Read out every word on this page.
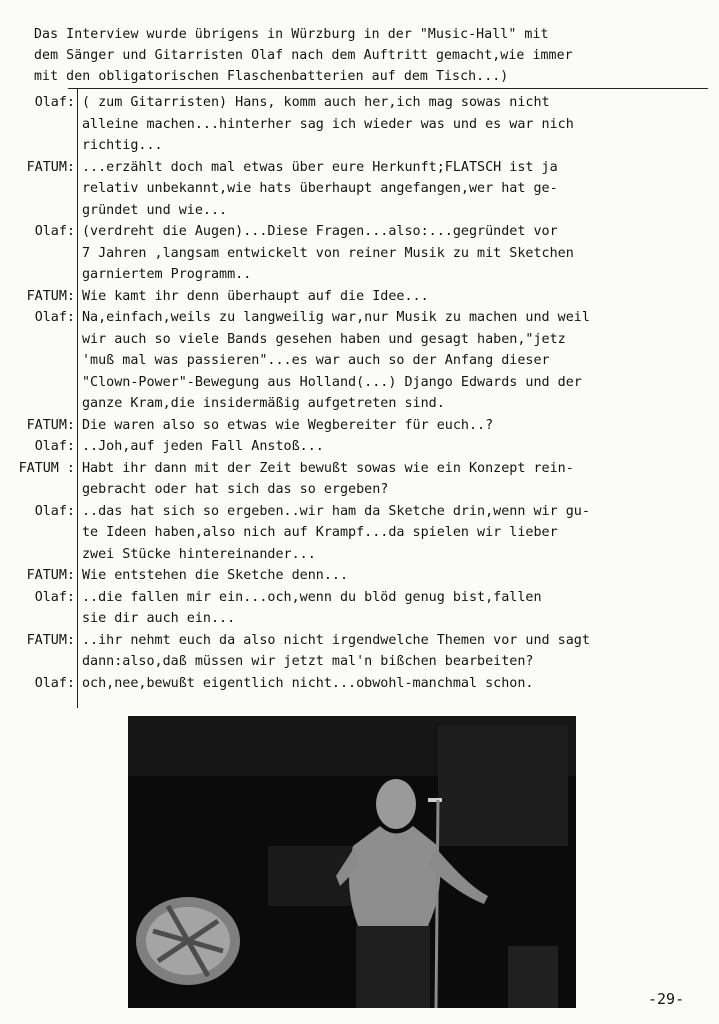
Das Interview wurde übrigens in Würzburg in der "Music-Hall" mit
dem Sänger und Gitarristen Olaf nach dem Auftritt gemacht,wie immer
mit den obligatorischen Flaschenbatterien auf dem Tisch...)
Olaf: ( zum Gitarristen) Hans, komm auch her,ich mag sowas nicht
alleine machen...hinterher sag ich wieder was und es war nich
richtig...
FATUM: ...erzählt doch mal etwas über eure Herkunft;FLATSCH ist ja
relativ unbekannt,wie hats überhaupt angefangen,wer hat ge-
gründet und wie...
Olaf: (verdreht die Augen)...Diese Fragen...also:...gegründet vor
7 Jahren ,langsam entwickelt von reiner Musik zu mit Sketchen
garniertem Programm..
FATUM: Wie kamt ihr denn überhaupt auf die Idee...
Olaf: Na,einfach,weils zu langweilig war,nur Musik zu machen und weil
wir auch so viele Bands gesehen haben und gesagt haben,"jetz
'muß mal was passieren"...es war auch so der Anfang dieser
"Clown-Power"-Bewegung aus Holland(...) Django Edwards und der
ganze Kram,die insidermäßig aufgetreten sind.
FATUM: Die waren also so etwas wie Wegbereiter für euch..?
Olaf: ..Joh,auf jeden Fall Anstoß...
FATUM : Habt ihr dann mit der Zeit bewußt sowas wie ein Konzept rein-
gebracht oder hat sich das so ergeben?
Olaf: ..das hat sich so ergeben..wir ham da Sketche drin,wenn wir gu-
te Ideen haben,also nich auf Krampf...da spielen wir lieber
zwei Stücke hintereinander...
FATUM: Wie entstehen die Sketche denn...
Olaf: ..die fallen mir ein...och,wenn du blöd genug bist,fallen
sie dir auch ein...
FATUM: ..ihr nehmt euch da also nicht irgendwelche Themen vor und sagt
dann:also,daß müssen wir jetzt mal'n bißchen bearbeiten?
Olaf: och,nee,bewußt eigentlich nicht...obwohl-manchmal schon.
-29-
